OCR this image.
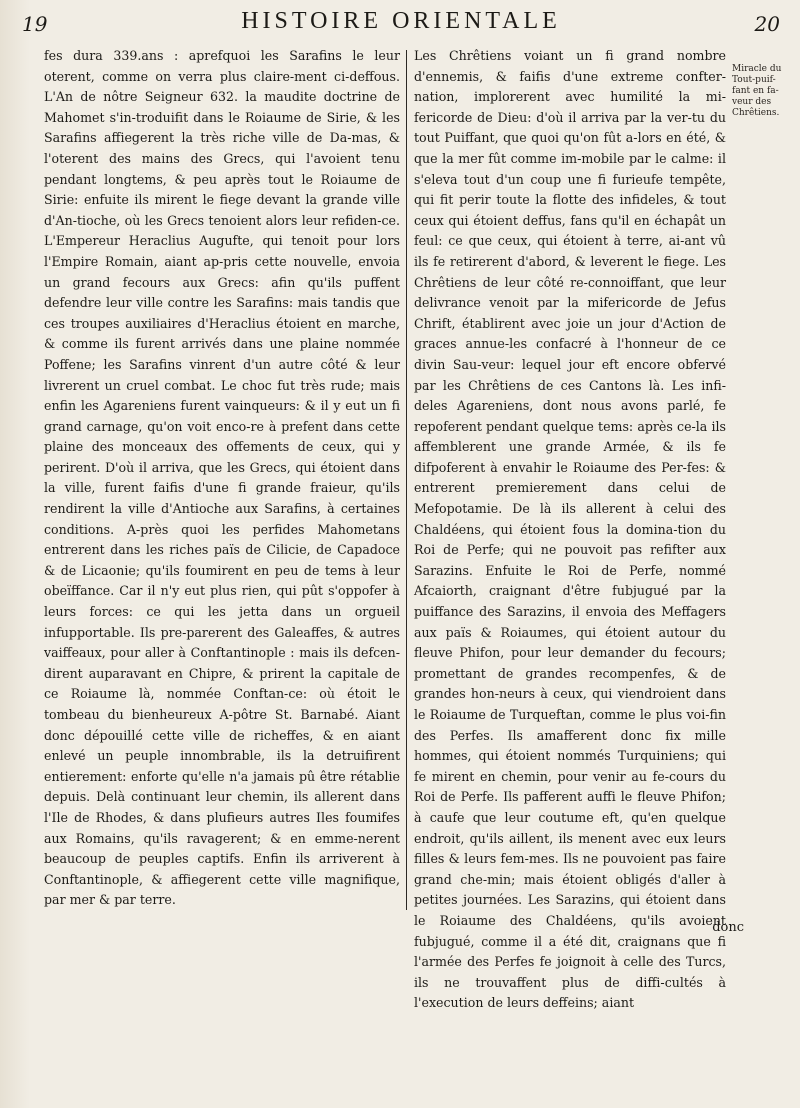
19	HISTOIRE ORIENTALE	20

fes dura 339.ans : aprefquoi les Sarafins le leur oterent, comme on verra plus claire-ment ci-deffous. L'An de nôtre Seigneur 632. la maudite doctrine de Mahomet s'in-troduifit dans le Roiaume de Sirie, & les Sarafins affiegerent la très riche ville de Da-mas, & l'oterent des mains des Grecs, qui l'avoient tenu pendant longtems, & peu après tout le Roiaume de Sirie: enfuite ils mirent le fiege devant la grande ville d'An-tioche, où les Grecs tenoient alors leur refiden-ce. L'Empereur Heraclius Augufte, qui tenoit pour lors l'Empire Romain, aiant ap-pris cette nouvelle, envoia un grand fecours aux Grecs: afin qu'ils puffent defendre leur ville contre les Sarafins: mais tandis que ces troupes auxiliaires d'Heraclius étoient en marche, & comme ils furent arrivés dans une plaine nommée Poffene; les Sarafins vinrent d'un autre côté & leur livrerent un cruel combat. Le choc fut très rude; mais enfin les Agareniens furent vainqueurs: & il y eut un fi grand carnage, qu'on voit enco-re à prefent dans cette plaine des monceaux des offements de ceux, qui y perirent. D'où il arriva, que les Grecs, qui étoient dans la ville, furent faifis d'une fi grande fraieur, qu'ils rendirent la ville d'Antioche aux Sarafins, à certaines conditions. A-près quoi les perfides Mahometans entrerent dans les riches païs de Cilicie, de Capadoce & de Licaonie; qu'ils foumirent en peu de tems à leur obeïffance. Car il n'y eut plus rien, qui pût s'oppofer à leurs forces: ce qui les jetta dans un orgueil infupportable. Ils pre-parerent des Galeaffes, & autres vaiffeaux, pour aller à Conftantinople : mais ils defcen-dirent auparavant en Chipre, & prirent la capitale de ce Roiaume là, nommée Conftan-ce: où étoit le tombeau du bienheureux A-pôtre St. Barnabé. Aiant donc dépouillé cette ville de richeffes, & en aiant enlevé un peuple innombrable, ils la detruifirent entierement: enforte qu'elle n'a jamais pû être rétablie depuis. Delà continuant leur chemin, ils allerent dans l'Ile de Rhodes, & dans plufieurs autres Iles foumifes aux Romains, qu'ils ravagerent; & en emme-nerent beaucoup de peuples captifs. Enfin ils arriverent à Conftantinople, & affiegerent cette ville magnifique, par mer & par terre.

Les Chrêtiens voiant un fi grand nombre d'ennemis, & faifis d'une extreme confter-nation, implorerent avec humilité la mi-fericorde de Dieu: d'où il arriva par la ver-tu du tout Puiffant, que quoi qu'on fût a-lors en été, & que la mer fût comme im-mobile par le calme: il s'eleva tout d'un coup une fi furieufe tempête, qui fit perir toute la flotte des infideles, & tout ceux qui étoient deffus, fans qu'il en échapât un feul: ce que ceux, qui étoient à terre, ai-ant vû ils fe retirerent d'abord, & leverent le fiege. Les Chrêtiens de leur côté re-connoiffant, que leur delivrance venoit par la mifericorde de Jefus Chrift, établirent avec joie un jour d'Action de graces annue-les confacré à l'honneur de ce divin Sau-veur: lequel jour eft encore obfervé par les Chrêtiens de ces Cantons là. Les infi-deles Agareniens, dont nous avons parlé, fe repoferent pendant quelque tems: après ce-la ils affemblerent une grande Armée, & ils fe difpoferent à envahir le Roiaume des Per-fes: & entrerent premierement dans celui de Mefopotamie. De là ils allerent à celui des Chaldéens, qui étoient fous la domina-tion du Roi de Perfe; qui ne pouvoit pas refifter aux Sarazins. Enfuite le Roi de Perfe, nommé Afcaiorth, craignant d'être fubjugué par la puiffance des Sarazins, il envoia des Meffagers aux païs & Roiaumes, qui étoient autour du fleuve Phifon, pour leur demander du fecours; promettant de grandes recompenfes, & de grandes hon-neurs à ceux, qui viendroient dans le Roiaume de Turqueftan, comme le plus voi-fin des Perfes. Ils amafferent donc fix mille hommes, qui étoient nommés Turquiniens; qui fe mirent en chemin, pour venir au fe-cours du Roi de Perfe. Ils pafferent auffi le fleuve Phifon; à caufe que leur coutume eft, qu'en quelque endroit, qu'ils aillent, ils menent avec eux leurs filles & leurs fem-mes. Ils ne pouvoient pas faire grand che-min; mais étoient obligés d'aller à petites journées. Les Sarazins, qui étoient dans le Roiaume des Chaldéens, qu'ils avoient fubjugué, comme il a été dit, craignans que fi l'armée des Perfes fe joignoit à celle des Turcs, ils ne trouvaffent plus de diffi-cultés à l'execution de leurs deffeins; aiant

Miracle du Tout-puif-fant en fa-veur des Chrêtiens.
donc
